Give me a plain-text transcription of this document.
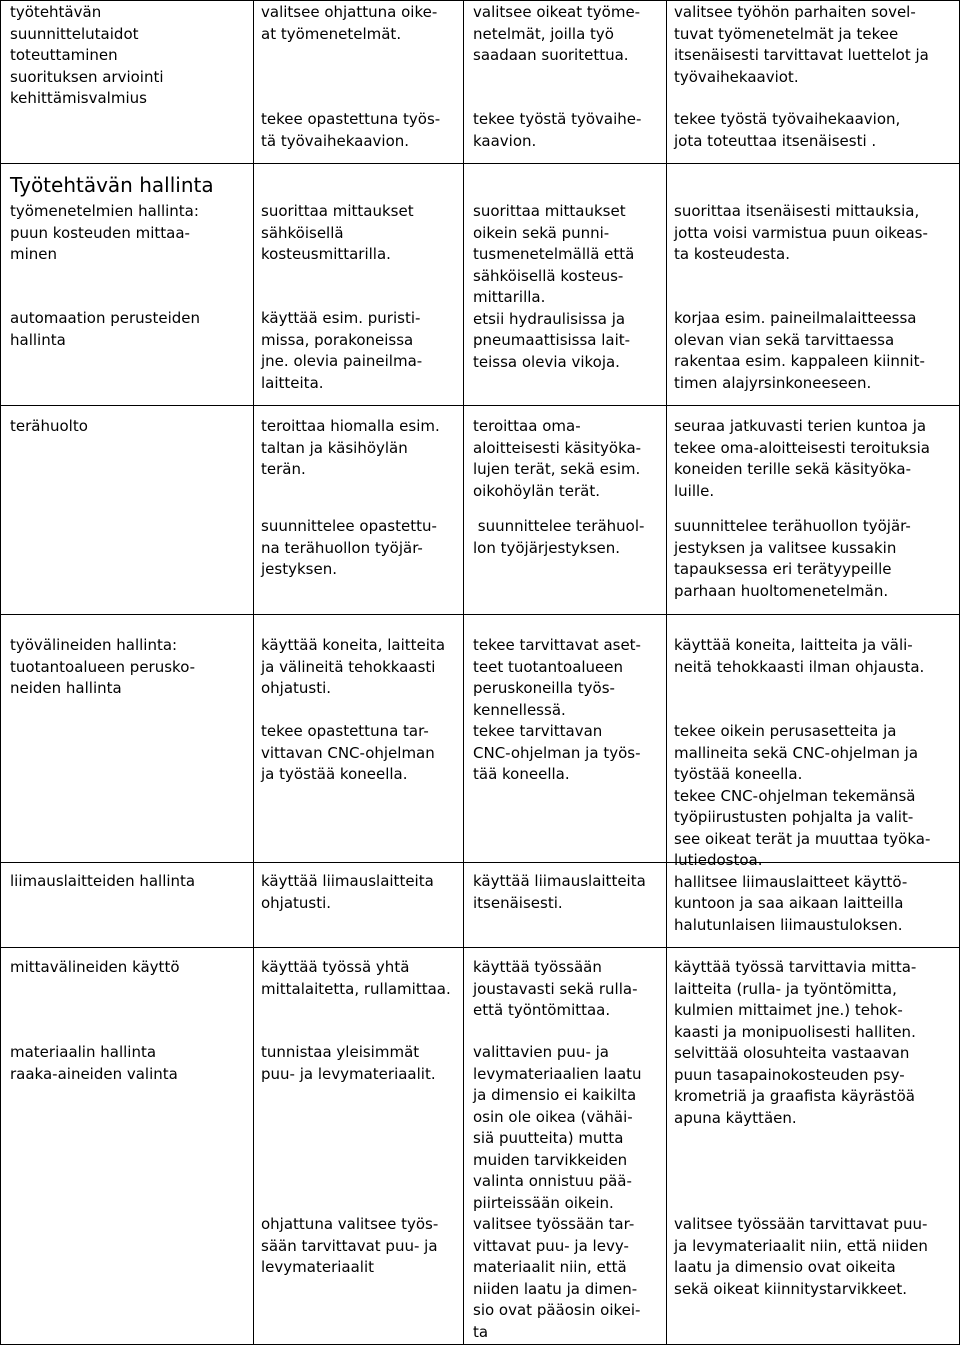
työtehtävän
suunnittelutaidot
toteuttaminen
suorituksen arviointi
kehittämisvalmius
valitsee ohjattuna oike-
at työmenetelmät.
tekee opastettuna työs-
tä työvaihekaavion.
valitsee oikeat työme-
netelmät, joilla työ
saadaan suoritettua.
tekee työstä työvaihe-
kaavion.
valitsee työhön parhaiten sovel-
tuvat työmenetelmät ja tekee
itsenäisesti tarvittavat luettelot ja
työvaihekaaviot.
tekee työstä työvaihekaavion,
jota toteuttaa itsenäisesti .
Työtehtävän hallinta
työmenetelmien hallinta:
puun kosteuden mittaa-
minen
automaation perusteiden
hallinta
suorittaa mittaukset
sähköisellä
kosteusmittarilla.
käyttää esim. puristi-
missa, porakoneissa
jne. olevia paineilma-
laitteita.
suorittaa mittaukset
oikein sekä punni-
tusmenetelmällä että
sähköisellä kosteus-
mittarilla.
etsii hydraulisissa ja
pneumaattisissa lait-
teissa olevia vikoja.
suorittaa itsenäisesti mittauksia,
jotta voisi varmistua puun oikeas-
ta kosteudesta.
korjaa esim. paineilmalaitteessa
olevan vian sekä tarvittaessa
rakentaa esim. kappaleen kiinnit-
timen alajyrsinkoneeseen.
terähuolto	teroittaa hiomalla esim.
taltan ja käsihöylän
terän.
suunnittelee opastettu-
na terähuollon työjär-
jestyksen.
teroittaa oma-
aloitteisesti käsityöka-
lujen terät, sekä esim.
oikohöylän terät.
suunnittelee terähuol-
lon työjärjestyksen.
seuraa jatkuvasti terien kuntoa ja
tekee oma-aloitteisesti teroituksia
koneiden terille sekä käsityöka-
luille.
suunnittelee terähuollon työjär-
jestyksen ja valitsee kussakin
tapauksessa eri terätyypeille
parhaan huoltomenetelmän.
työvälineiden hallinta:
tuotantoalueen perusko-
neiden hallinta
käyttää koneita, laitteita
ja välineitä tehokkaasti
ohjatusti.
tekee opastettuna tar-
vittavan CNC-ohjelman
ja työstää koneella.
tekee tarvittavat aset-
teet tuotantoalueen
peruskoneilla työs-
kennellessä.
tekee tarvittavan
CNC-ohjelman ja työs-
tää koneella.
käyttää koneita, laitteita ja väli-
neitä tehokkaasti ilman ohjausta.
tekee oikein perusasetteita ja
mallineita sekä CNC-ohjelman ja
työstää koneella.
tekee CNC-ohjelman tekemänsä
työpiirustusten pohjalta ja valit-
see oikeat terät ja muuttaa työka-
lutiedostoa.
hallitsee liimauslaitteet käyttö-
kuntoon ja saa aikaan laitteilla
halutunlaisen liimaustuloksen.
liimauslaitteiden hallinta	käyttää liimauslaitteita
ohjatusti.
käyttää liimauslaitteita
itsenäisesti.
mittavälineiden käyttö
materiaalin hallinta
raaka-aineiden valinta
käyttää työssä yhtä
mittalaitetta, rullamittaa.
tunnistaa yleisimmät
puu- ja levymateriaalit.
ohjattuna valitsee työs-
sään tarvittavat puu- ja
levymateriaalit
käyttää työssään
joustavasti sekä rulla-
että työntömittaa.
valittavien puu- ja
levymateriaalien laatu
ja dimensio ei kaikilta
osin ole oikea (vähäi-
siä puutteita) mutta
muiden tarvikkeiden
valinta onnistuu pää-
piirteissään oikein.
valitsee työssään tar-
vittavat puu- ja levy-
materiaalit niin, että
niiden laatu ja dimen-
sio ovat pääosin oikei-
ta
käyttää työssä tarvittavia mitta-
laitteita (rulla- ja työntömitta,
kulmien mittaimet jne.) tehok-
kaasti ja monipuolisesti halliten.
selvittää olosuhteita vastaavan
puun tasapainokosteuden psy-
krometriä ja graafista käyrästöä
apuna käyttäen.
valitsee työssään tarvittavat puu-
ja levymateriaalit niin, että niiden
laatu ja dimensio ovat oikeita
sekä oikeat kiinnitystarvikkeet.
